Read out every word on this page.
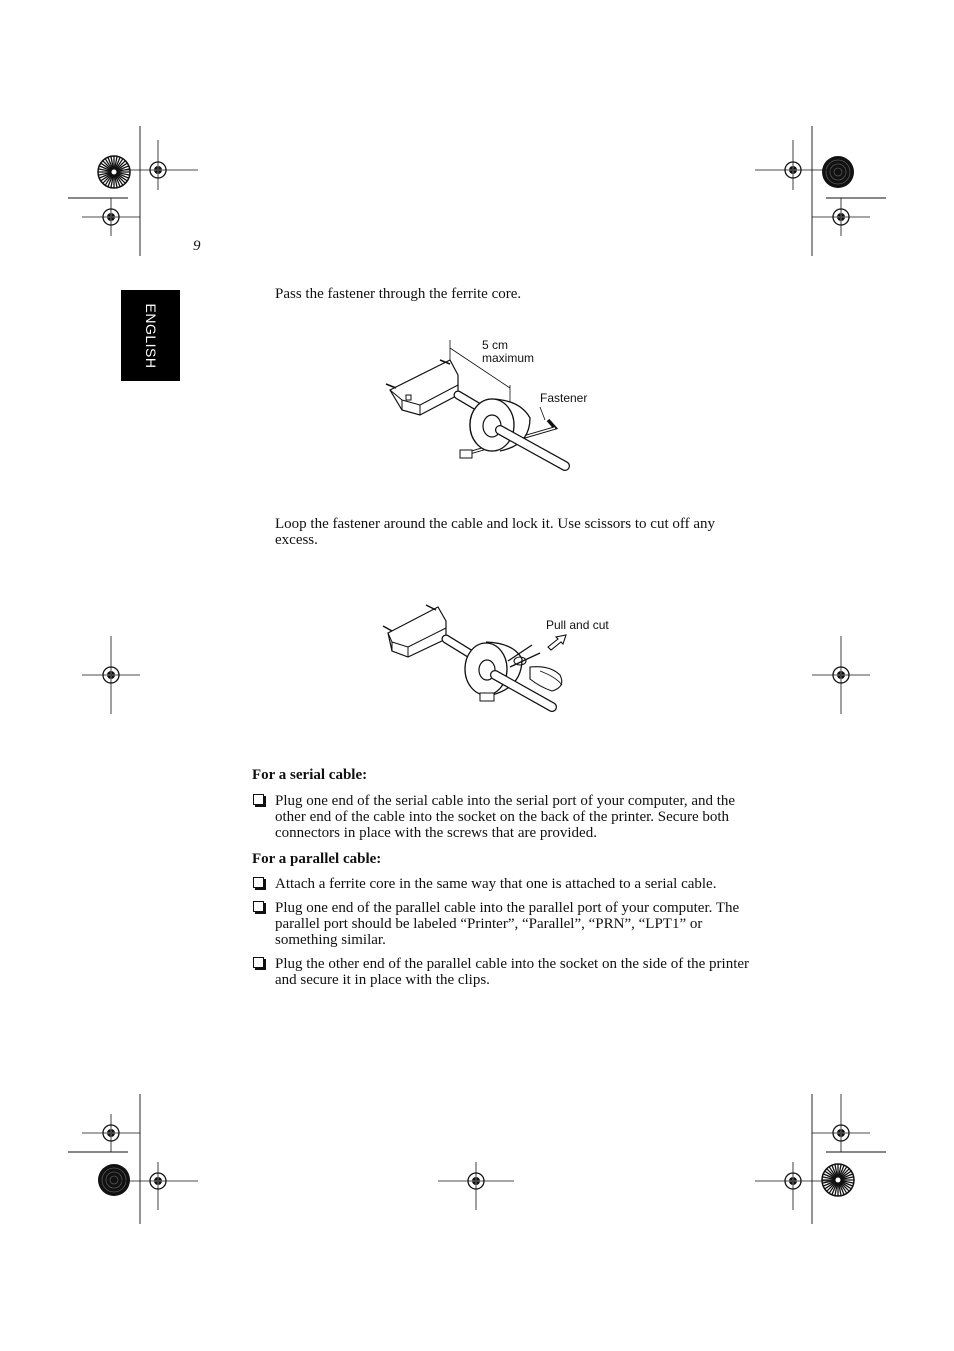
9
ENGLISH
Pass the fastener through the ferrite core.
5 cm
maximum
Fastener
Loop the fastener around the cable and lock it. Use scissors to cut off any excess.
Pull and cut
For a serial cable:
Plug one end of the serial cable into the serial port of your computer, and the other end of the cable into the socket on the back of the printer. Secure both connectors in place with the screws that are provided.
For a parallel cable:
Attach a ferrite core in the same way that one is attached to a serial cable.
Plug one end of the parallel cable into the parallel port of your computer. The parallel port should be labeled “Printer”, “Parallel”, “PRN”, “LPT1” or something similar.
Plug the other end of the parallel cable into the socket on the side of the printer and secure it in place with the clips.
